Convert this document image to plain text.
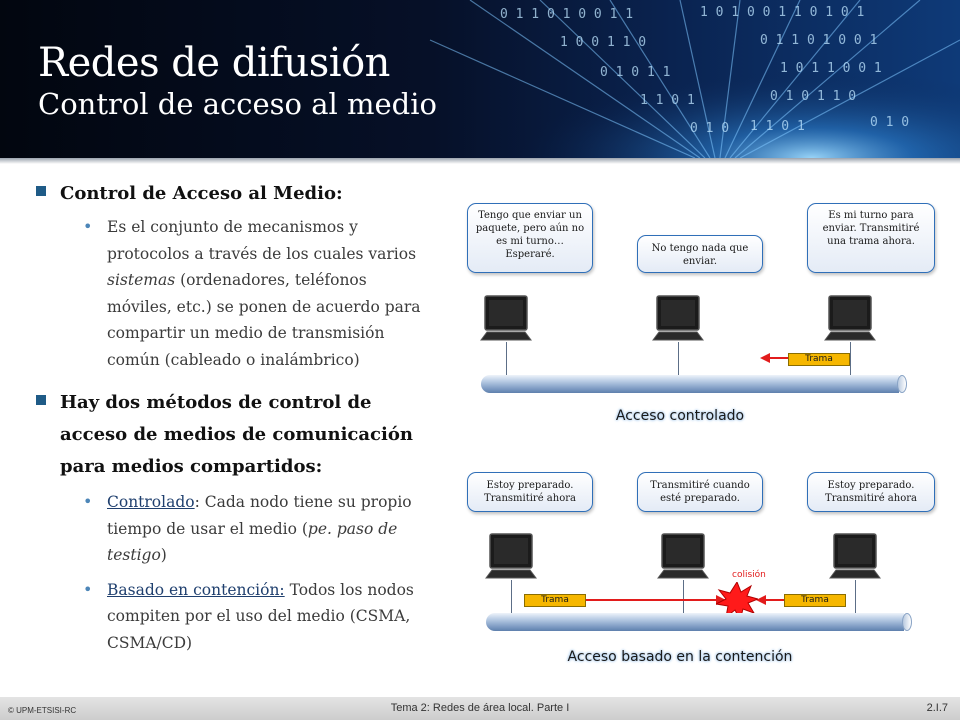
0 1 1 0 1 0 0 1 1	1 0 1 0 0 1 1 0 1 0 1
1 0 0 1 1 0	0 1 1 0 1 0 0 1
0 1 0 1 1	1 0 1 1 0 0 1
1 1 0 1	0 1 0 1 1 0
0 1 0 1 1 0 1	0 1 0
Redes de difusión
Control de acceso al medio
Control de Acceso al Medio:
• Es el conjunto de mecanismos y protocolos a través de los cuales varios sistemas (ordenadores, teléfonos móviles, etc.) se ponen de acuerdo para compartir un medio de transmisión común (cableado o inalámbrico)
Hay dos métodos de control de acceso de medios de comunicación para medios compartidos:
• Controlado: Cada nodo tiene su propio tiempo de usar el medio (pe. paso de testigo)
• Basado en contención: Todos los nodos compiten por el uso del medio (CSMA, CSMA/CD)
Tengo que enviar un paquete, pero aún no es mi turno… Esperaré.
No tengo nada que enviar.
Es mi turno para enviar. Transmitiré una trama ahora.
Trama
Acceso controlado
Estoy preparado. Transmitiré ahora
Transmitiré cuando esté preparado.
Estoy preparado. Transmitiré ahora
Trama	Trama
colisión
Acceso basado en la contención
© UPM-ETSISI-RC	Tema 2: Redes de área local. Parte I	2.I.7
